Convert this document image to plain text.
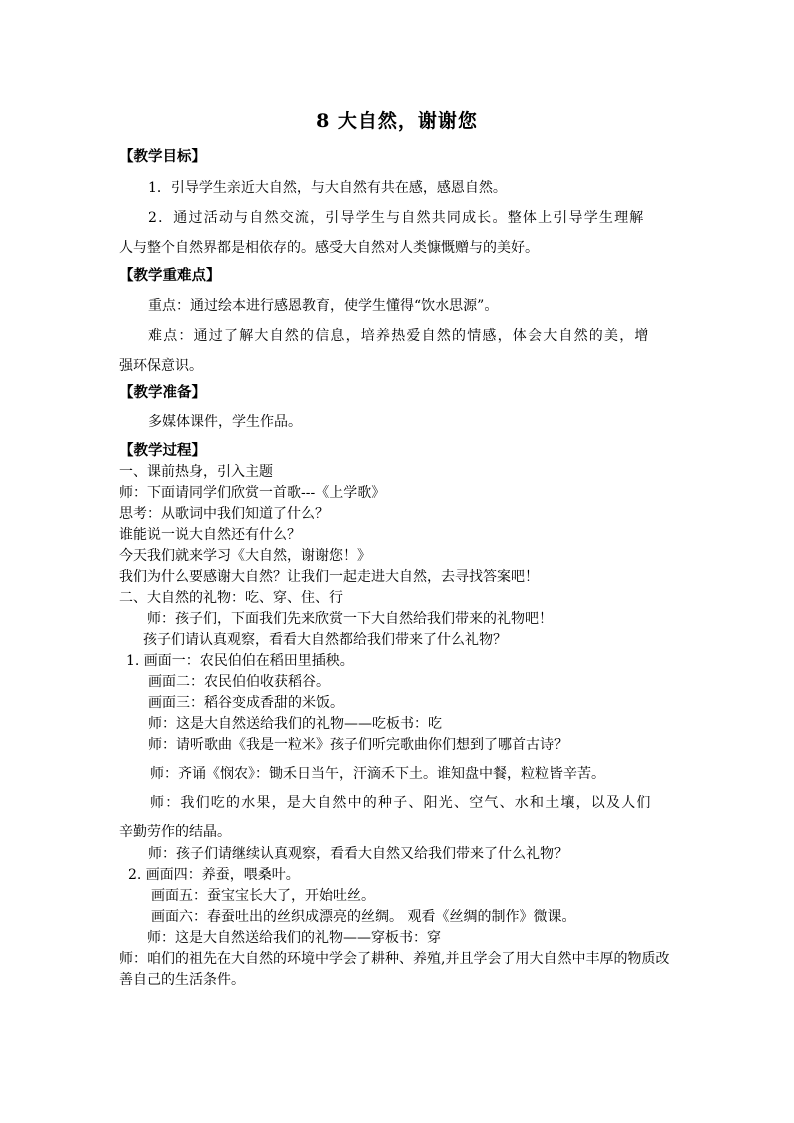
8 大自然，谢谢您
【教学目标】
1．引导学生亲近大自然，与大自然有共在感，感恩自然。
2．通过活动与自然交流，引导学生与自然共同成长。整体上引导学生理解
人与整个自然界都是相依存的。感受大自然对人类慷慨赠与的美好。
【教学重难点】
重点：通过绘本进行感恩教育，使学生懂得“饮水思源”。
难点：通过了解大自然的信息，培养热爱自然的情感，体会大自然的美，增
强环保意识。
【教学准备】
多媒体课件，学生作品。
【教学过程】
一、课前热身，引入主题
师：下面请同学们欣赏一首歌---《上学歌》
思考：从歌词中我们知道了什么？
谁能说一说大自然还有什么？
今天我们就来学习《大自然，谢谢您！》
我们为什么要感谢大自然？让我们一起走进大自然，去寻找答案吧！
二、大自然的礼物：吃、穿、住、行
师：孩子们，下面我们先来欣赏一下大自然给我们带来的礼物吧！
孩子们请认真观察，看看大自然都给我们带来了什么礼物？
1. 画面一：农民伯伯在稻田里插秧。
画面二：农民伯伯收获稻谷。
画面三：稻谷变成香甜的米饭。
师：这是大自然送给我们的礼物——吃板书：吃
师：请听歌曲《我是一粒米》孩子们听完歌曲你们想到了哪首古诗？
师：齐诵《悯农》：锄禾日当午，汗滴禾下土。谁知盘中餐，粒粒皆辛苦。
师：我们吃的水果，是大自然中的种子、阳光、空气、水和土壤，以及人们
辛勤劳作的结晶。
师：孩子们请继续认真观察，看看大自然又给我们带来了什么礼物？
2. 画面四：养蚕，喂桑叶。
画面五：蚕宝宝长大了，开始吐丝。
画面六：春蚕吐出的丝织成漂亮的丝绸。 观看《丝绸的制作》微课。
师：这是大自然送给我们的礼物——穿板书：穿
师：咱们的祖先在大自然的环境中学会了耕种、养殖,并且学会了用大自然中丰厚的物质改
善自己的生活条件。
